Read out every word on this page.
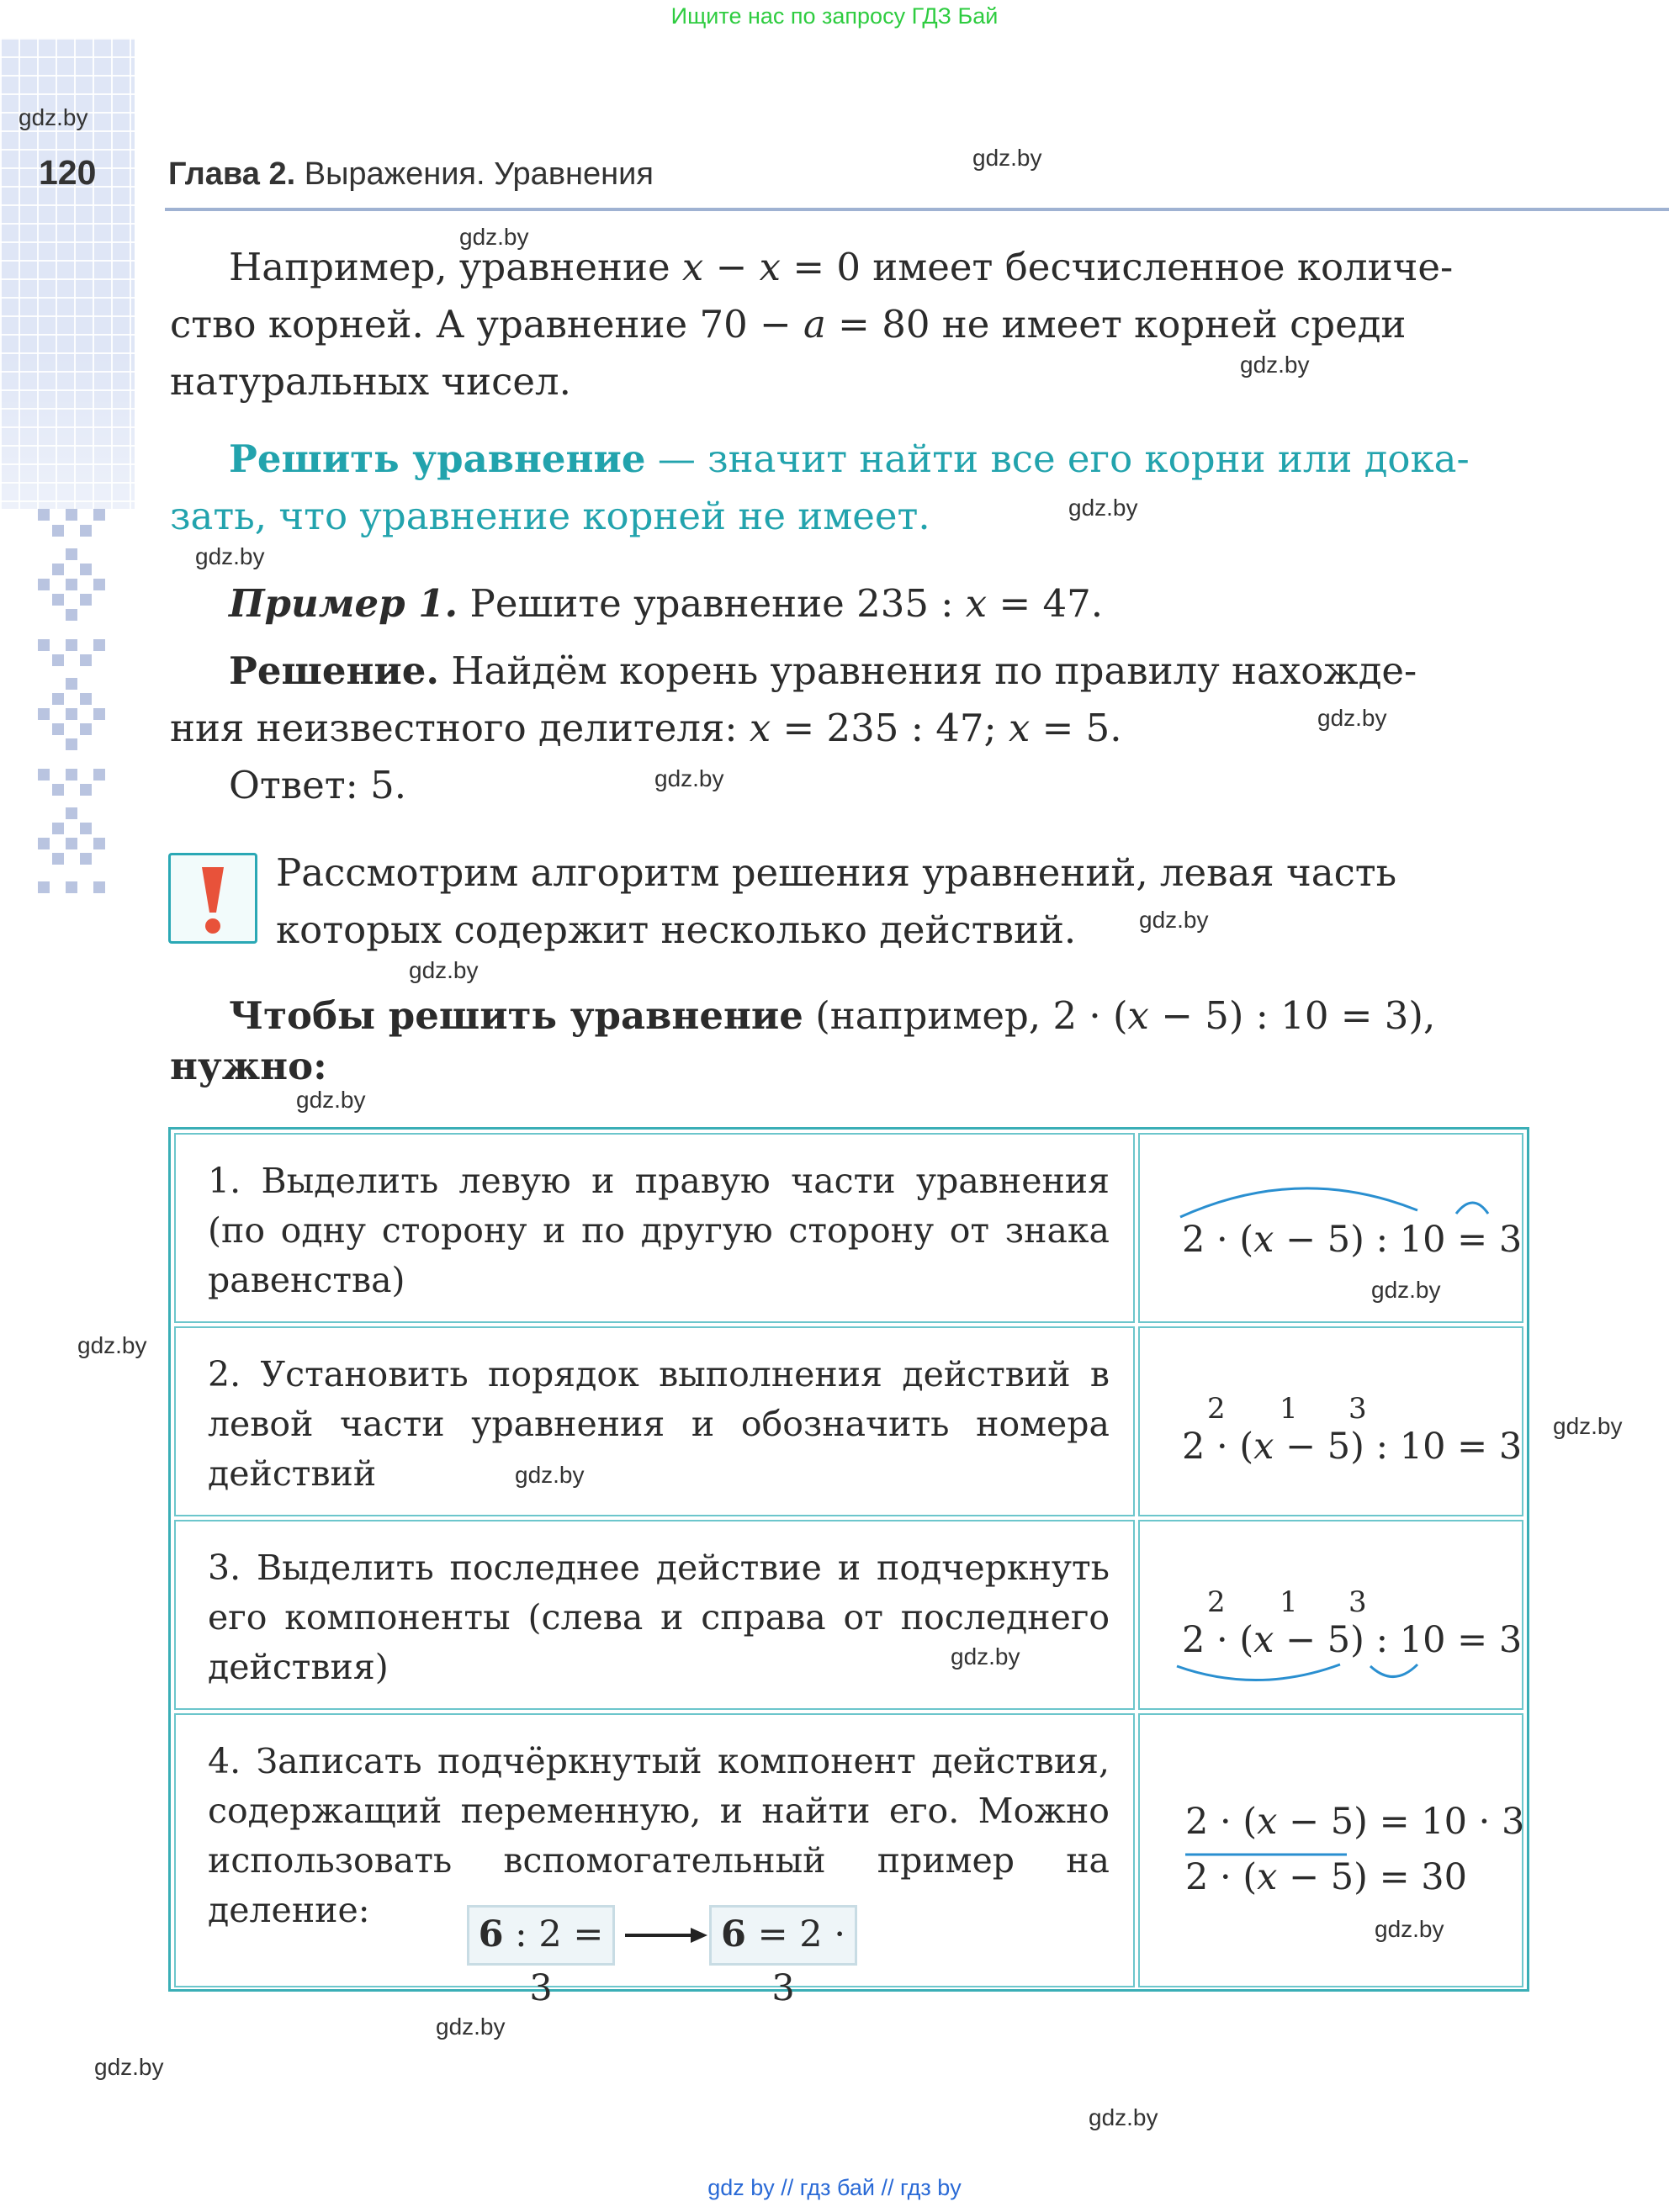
Ищите нас по запросу ГДЗ Бай
120 Глава 2. Выражения. Уравнения
Например, уравнение x − x = 0 имеет бесчисленное количе-
ство корней. А уравнение 70 − a = 80 не имеет корней среди
натуральных чисел.
Решить уравнение — значит найти все его корни или дока-
зать, что уравнение корней не имеет.
Пример 1. Решите уравнение 235 : x = 47.
Решение. Найдём корень уравнения по правилу нахожде-
ния неизвестного делителя: x = 235 : 47; x = 5.
Ответ: 5.
Рассмотрим алгоритм решения уравнений, левая часть
которых содержит несколько действий.
Чтобы решить уравнение (например, 2 · (x − 5) : 10 = 3),
нужно:
1. Выделить левую и правую части уравнения (по одну сторону и по другую сторону от знака равенства)
2 · (x − 5) : 10 = 3
2. Установить порядок выполнения действий в левой части уравнения и обозначить номера действий
2 1 3
2 · (x − 5) : 10 = 3
3. Выделить последнее действие и подчеркнуть его компоненты (слева и справа от последнего действия)
2 1 3
2 · (x − 5) : 10 = 3
4. Записать подчёркнутый компонент действия, содержащий переменную, и найти его. Можно использовать вспомогательный пример на деление:
6 : 2 = 3
6 = 2 · 3
2 · (x − 5) = 10 · 3
2 · (x − 5) = 30
gdz.by
gdz.by
gdz.by
gdz.by
gdz.by
gdz.by
gdz.by
gdz.by
gdz.by
gdz.by
gdz.by
gdz.by
gdz.by
gdz.by
gdz.by
gdz.by
gdz.by
gdz.by
gdz.by
gdz.by
gdz by // гдз бай // гдз by
